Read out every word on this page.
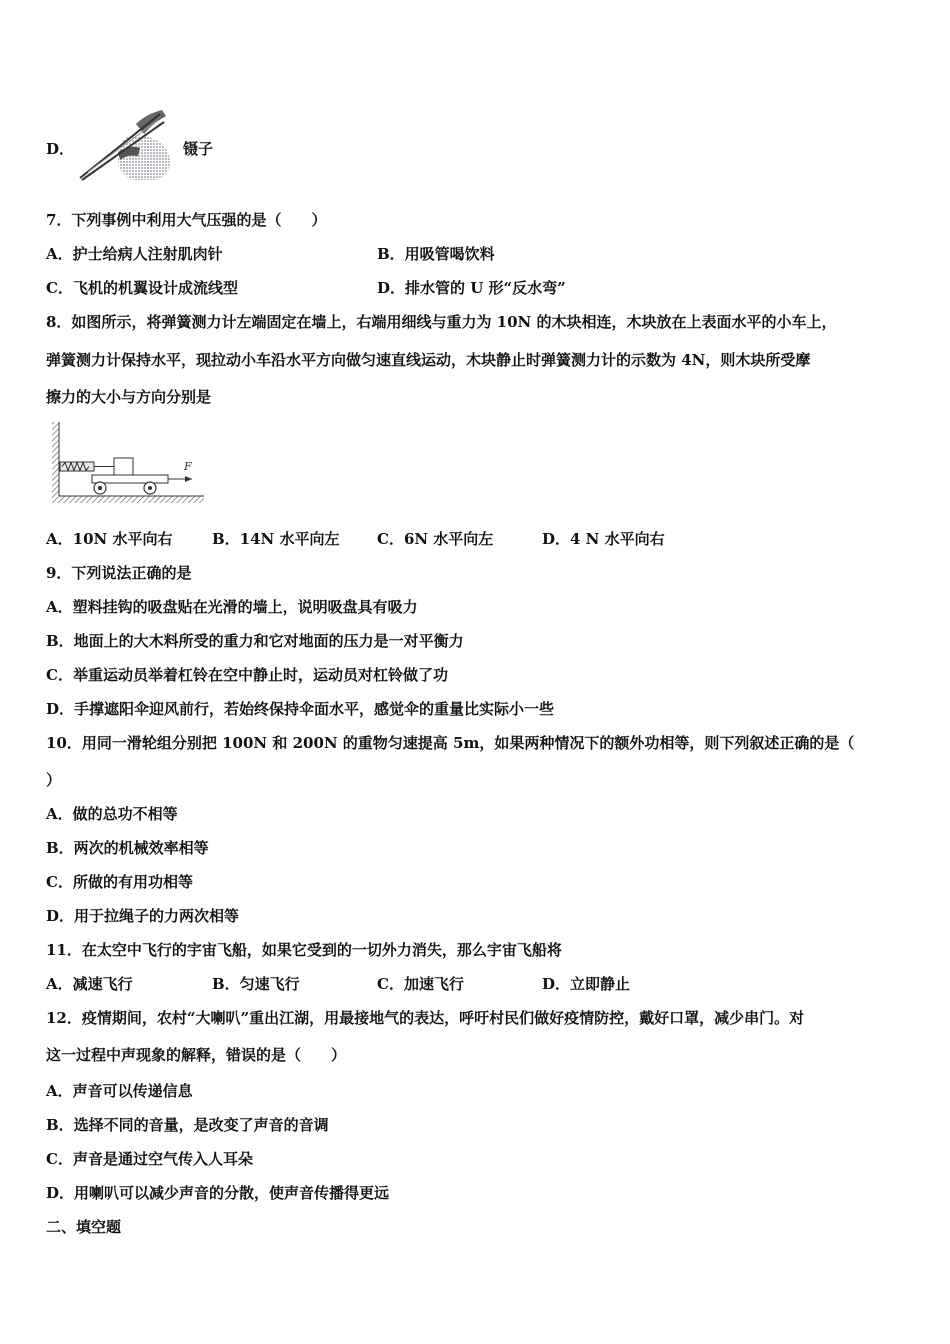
D．	镊子
7．下列事例中利用大气压强的是（　　）
A．护士给病人注射肌肉针	B．用吸管喝饮料
C．飞机的机翼设计成流线型	D．排水管的 U 形“反水弯”
8．如图所示，将弹簧测力计左端固定在墙上，右端用细线与重力为 10N 的木块相连，木块放在上表面水平的小车上，
弹簧测力计保持水平，现拉动小车沿水平方向做匀速直线运动，木块静止时弹簧测力计的示数为 4N，则木块所受摩
擦力的大小与方向分别是
F
A．10N 水平向右	B．14N 水平向左	C．6N 水平向左	D．4 N 水平向右
9．下列说法正确的是
A．塑料挂钩的吸盘贴在光滑的墙上，说明吸盘具有吸力
B．地面上的大木料所受的重力和它对地面的压力是一对平衡力
C．举重运动员举着杠铃在空中静止时，运动员对杠铃做了功
D．手撑遮阳伞迎风前行，若始终保持伞面水平，感觉伞的重量比实际小一些
10．用同一滑轮组分别把 100N 和 200N 的重物匀速提高 5m，如果两种情况下的额外功相等，则下列叙述正确的是（
）
A．做的总功不相等
B．两次的机械效率相等
C．所做的有用功相等
D．用于拉绳子的力两次相等
11．在太空中飞行的宇宙飞船，如果它受到的一切外力消失，那么宇宙飞船将
A．减速飞行	B．匀速飞行	C．加速飞行	D．立即静止
12．疫情期间，农村“大喇叭”重出江湖，用最接地气的表达，呼吁村民们做好疫情防控，戴好口罩，减少串门。对
这一过程中声现象的解释，错误的是（　　）
A．声音可以传递信息
B．选择不同的音量，是改变了声音的音调
C．声音是通过空气传入人耳朵
D．用喇叭可以减少声音的分散，使声音传播得更远
二、填空题
